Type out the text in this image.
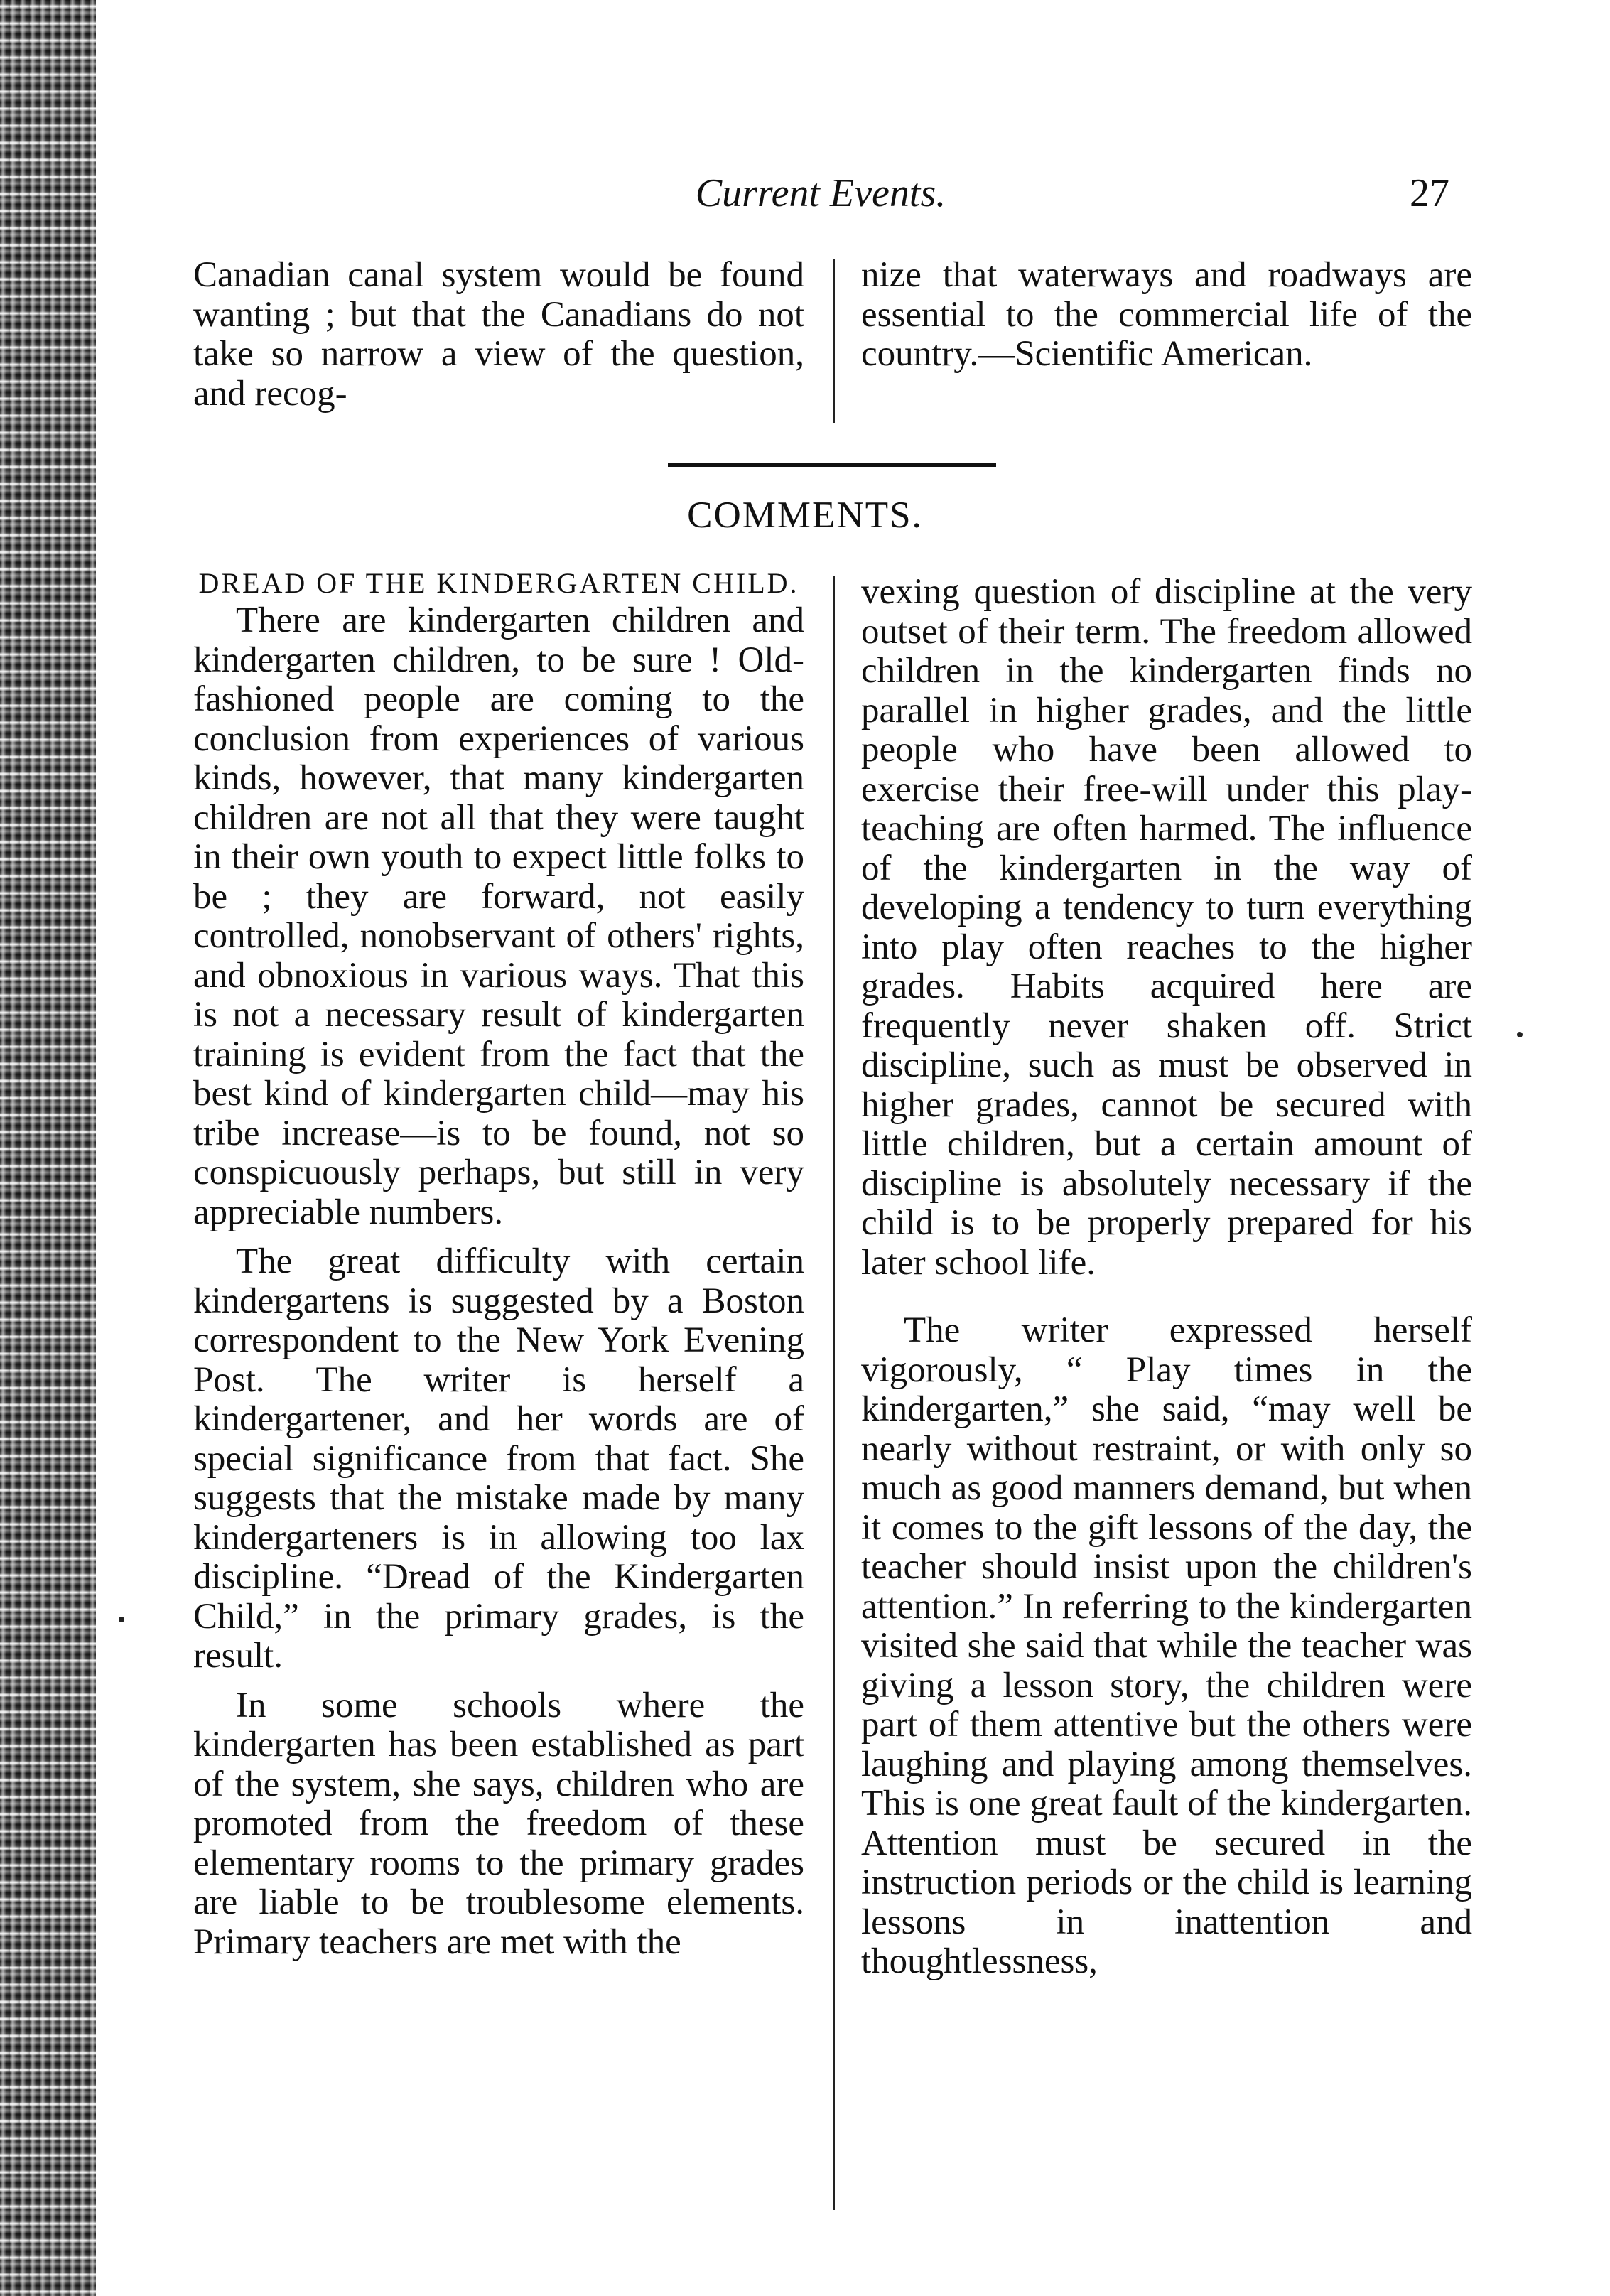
Current Events.	27

Canadian canal system would be found wanting ; but that the Canadians do not take so narrow a view of the question, and recog-

nize that waterways and roadways are essential to the commercial life of the country.—Scientific American.

COMMENTS.

DREAD OF THE KINDERGARTEN CHILD.

There are kindergarten children and kindergarten children, to be sure ! Old-fashioned people are coming to the conclusion from experiences of various kinds, however, that many kindergarten children are not all that they were taught in their own youth to expect little folks to be ; they are forward, not easily controlled, nonobservant of others' rights, and obnoxious in various ways. That this is not a necessary result of kindergarten training is evident from the fact that the best kind of kindergarten child—may his tribe increase—is to be found, not so conspicuously perhaps, but still in very appreciable numbers.

The great difficulty with certain kindergartens is suggested by a Boston correspondent to the New York Evening Post. The writer is herself a kindergartener, and her words are of special significance from that fact. She suggests that the mistake made by many kindergarteners is in allowing too lax discipline. “Dread of the Kindergarten Child,” in the primary grades, is the result.

In some schools where the kindergarten has been established as part of the system, she says, children who are promoted from the freedom of these elementary rooms to the primary grades are liable to be troublesome elements. Primary teachers are met with the

vexing question of discipline at the very outset of their term. The freedom allowed children in the kindergarten finds no parallel in higher grades, and the little people who have been allowed to exercise their free-will under this play-teaching are often harmed. The influence of the kindergarten in the way of developing a tendency to turn everything into play often reaches to the higher grades. Habits acquired here are frequently never shaken off. Strict discipline, such as must be observed in higher grades, cannot be secured with little children, but a certain amount of discipline is absolutely necessary if the child is to be properly prepared for his later school life.

The writer expressed herself vigorously, “ Play times in the kindergarten,” she said, “may well be nearly without restraint, or with only so much as good manners demand, but when it comes to the gift lessons of the day, the teacher should insist upon the children's attention.” In referring to the kindergarten visited she said that while the teacher was giving a lesson story, the children were part of them attentive but the others were laughing and playing among themselves. This is one great fault of the kindergarten. Attention must be secured in the instruction periods or the child is learning lessons in inattention and thoughtlessness,
